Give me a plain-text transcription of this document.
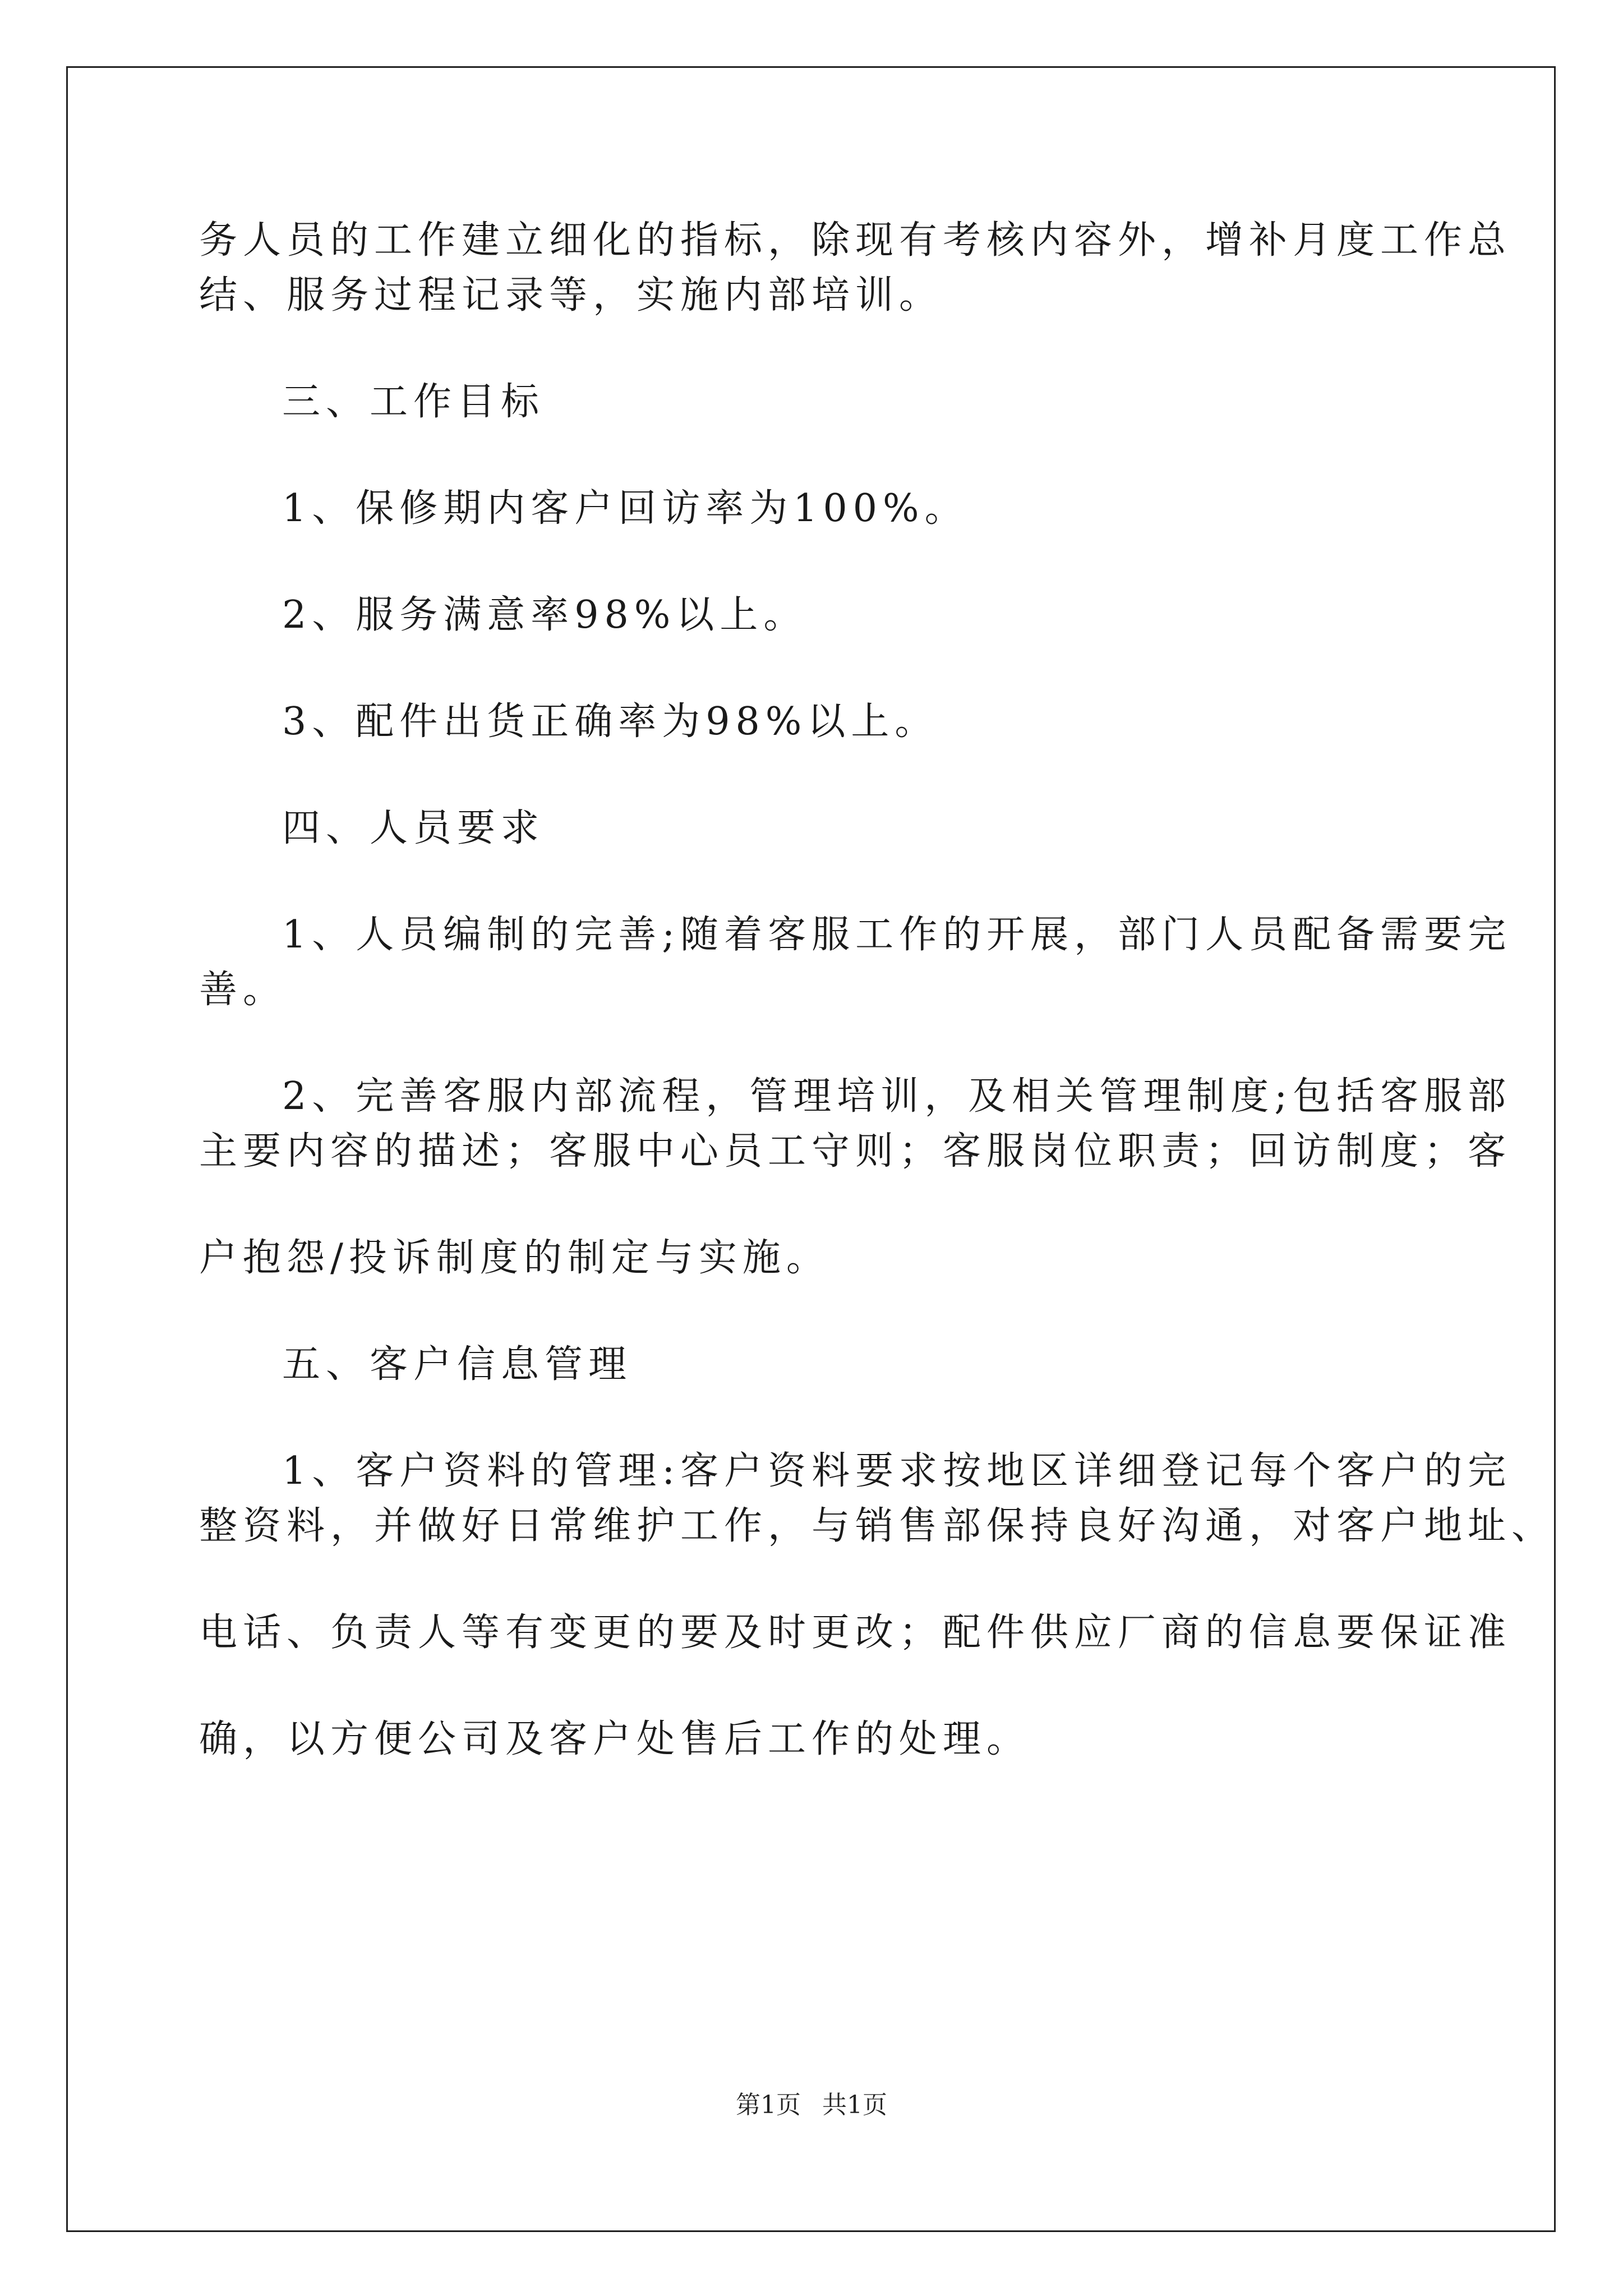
务人员的工作建立细化的指标，除现有考核内容外，增补月度工作总

结、服务过程记录等，实施内部培训。

三、工作目标

1、保修期内客户回访率为100%。

2、服务满意率98%以上。

3、配件出货正确率为98%以上。

四、人员要求

1、人员编制的完善;随着客服工作的开展，部门人员配备需要完

善。

2、完善客服内部流程，管理培训，及相关管理制度;包括客服部

主要内容的描述；客服中心员工守则；客服岗位职责；回访制度；客

户抱怨/投诉制度的制定与实施。

五、客户信息管理

1、客户资料的管理:客户资料要求按地区详细登记每个客户的完

整资料，并做好日常维护工作，与销售部保持良好沟通，对客户地址、

电话、负责人等有变更的要及时更改；配件供应厂商的信息要保证准

确，以方便公司及客户处售后工作的处理。

第1页 共1页
